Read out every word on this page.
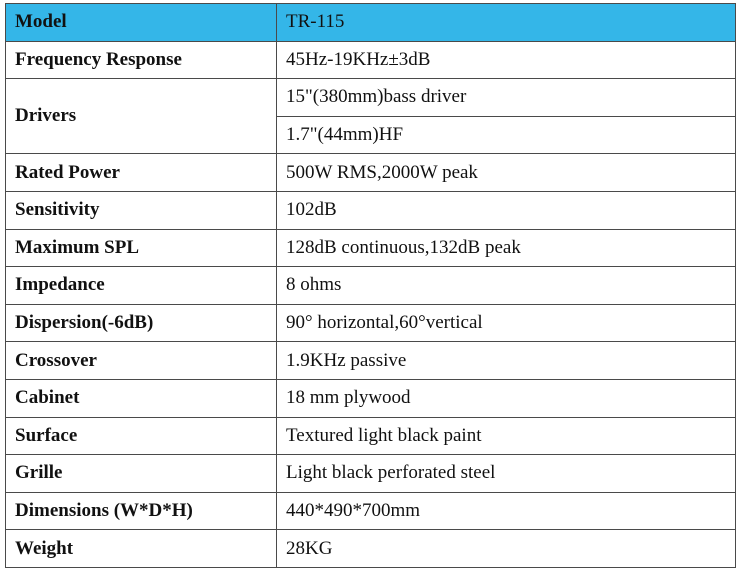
Model	TR-115
Frequency Response	45Hz-19KHz±3dB
Drivers	15"(380mm)bass driver
	1.7"(44mm)HF
Rated Power	500W RMS,2000W peak
Sensitivity	102dB
Maximum SPL	128dB continuous,132dB peak
Impedance	8 ohms
Dispersion(-6dB)	90° horizontal,60°vertical
Crossover	1.9KHz passive
Cabinet	18 mm plywood
Surface	Textured light black paint
Grille	Light black perforated steel
Dimensions (W*D*H)	440*490*700mm
Weight	28KG
